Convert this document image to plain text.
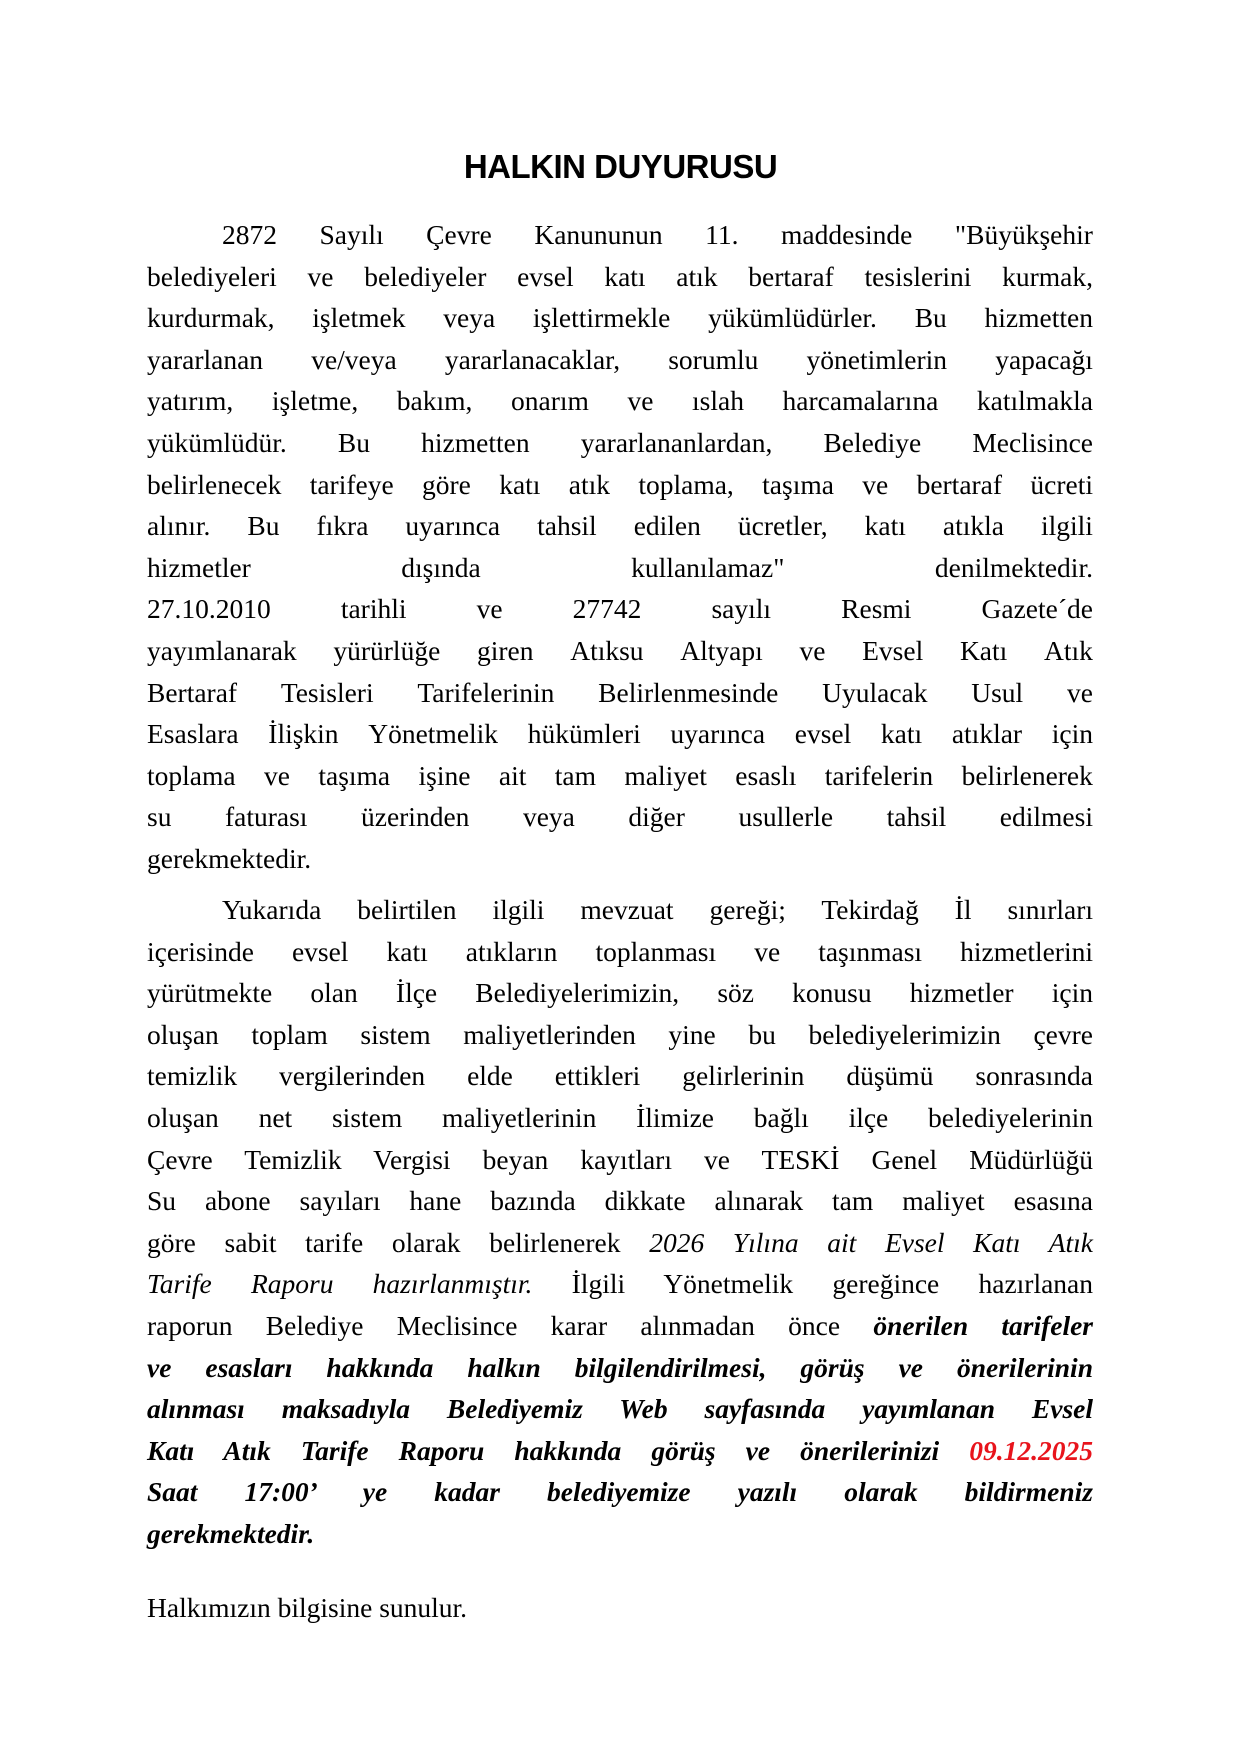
HALKIN DUYURUSU
2872 Sayılı Çevre Kanununun 11. maddesinde "Büyükşehir
belediyeleri ve belediyeler evsel katı atık bertaraf tesislerini kurmak,
kurdurmak, işletmek veya işlettirmekle yükümlüdürler. Bu hizmetten
yararlanan ve/veya yararlanacaklar, sorumlu yönetimlerin yapacağı
yatırım, işletme, bakım, onarım ve ıslah harcamalarına katılmakla
yükümlüdür. Bu hizmetten yararlananlardan, Belediye Meclisince
belirlenecek tarifeye göre katı atık toplama, taşıma ve bertaraf ücreti
alınır. Bu fıkra uyarınca tahsil edilen ücretler, katı atıkla ilgili
hizmetler	dışında	kullanılamaz"	denilmektedir.
27.10.2010	tarihli	ve	27742	sayılı	Resmi	Gazete´de
yayımlanarak yürürlüğe giren Atıksu Altyapı ve Evsel Katı Atık
Bertaraf Tesisleri Tarifelerinin Belirlenmesinde Uyulacak Usul ve
Esaslara İlişkin Yönetmelik hükümleri uyarınca evsel katı atıklar için
toplama ve taşıma işine ait tam maliyet esaslı tarifelerin belirlenerek
su faturası üzerinden veya diğer usullerle tahsil edilmesi
gerekmektedir.
Yukarıda belirtilen ilgili mevzuat gereği; Tekirdağ İl sınırları
içerisinde evsel katı atıkların toplanması ve taşınması hizmetlerini
yürütmekte olan İlçe Belediyelerimizin, söz konusu hizmetler için
oluşan toplam sistem maliyetlerinden yine bu belediyelerimizin çevre
temizlik vergilerinden elde ettikleri gelirlerinin düşümü sonrasında
oluşan net sistem maliyetlerinin İlimize bağlı ilçe belediyelerinin
Çevre Temizlik Vergisi beyan kayıtları ve TESKİ Genel Müdürlüğü
Su abone sayıları hane bazında dikkate alınarak tam maliyet esasına
göre sabit tarife olarak belirlenerek 2026 Yılına ait Evsel Katı Atık
Tarife Raporu hazırlanmıştır. İlgili Yönetmelik gereğince hazırlanan
raporun Belediye Meclisince karar alınmadan önce önerilen tarifeler
ve esasları hakkında halkın bilgilendirilmesi, görüş ve önerilerinin
alınması maksadıyla Belediyemiz Web sayfasında yayımlanan Evsel
Katı Atık Tarife Raporu hakkında görüş ve önerilerinizi 09.12.2025
Saat 17:00’ ye kadar belediyemize yazılı olarak bildirmeniz
gerekmektedir.
Halkımızın bilgisine sunulur.
